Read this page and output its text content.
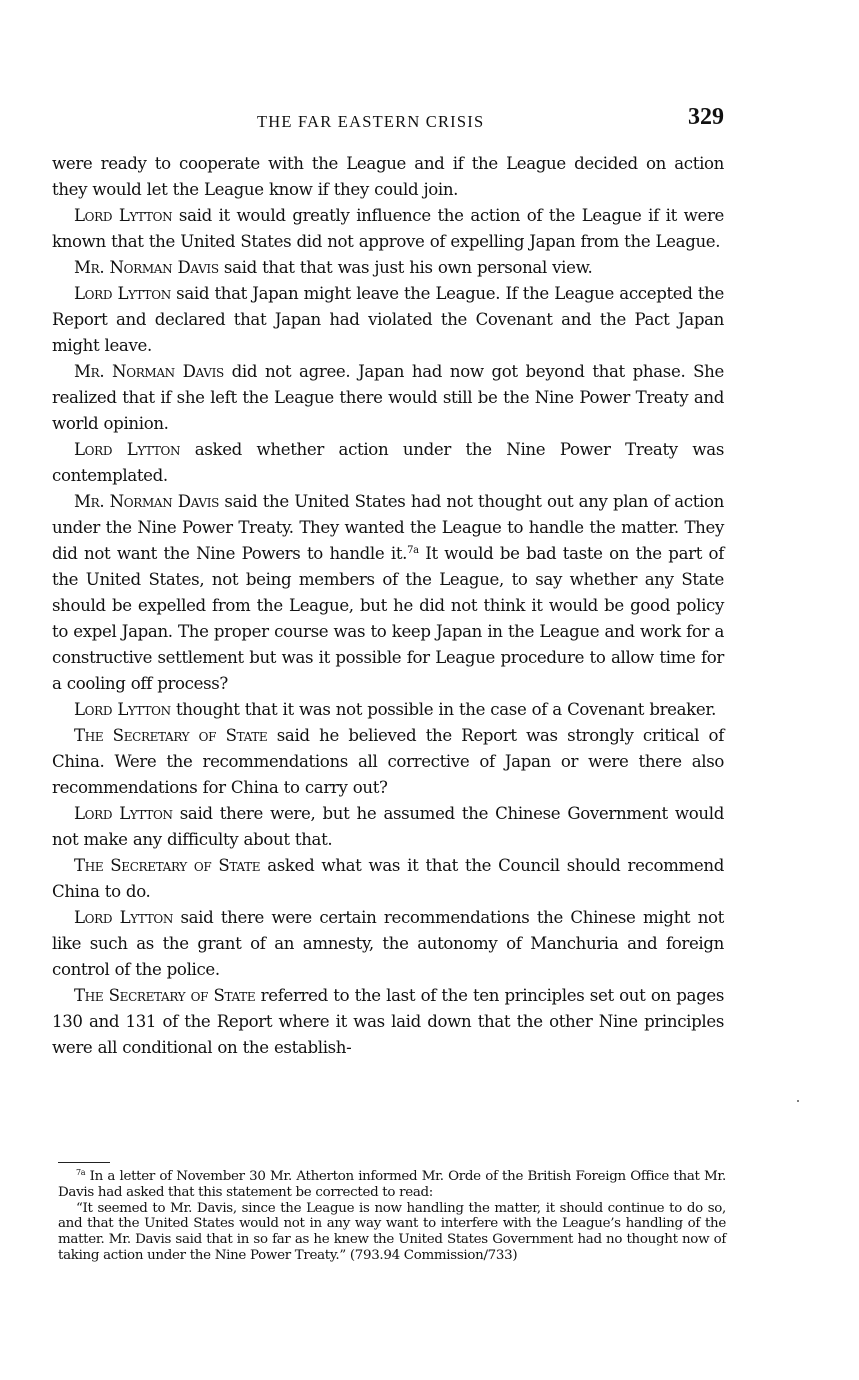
THE FAR EASTERN CRISIS	329

were ready to cooperate with the League and if the League decided on action they would let the League know if they could join.

Lord Lytton said it would greatly influence the action of the League if it were known that the United States did not approve of expelling Japan from the League.

Mr. Norman Davis said that that was just his own personal view.

Lord Lytton said that Japan might leave the League. If the League accepted the Report and declared that Japan had violated the Covenant and the Pact Japan might leave.

Mr. Norman Davis did not agree. Japan had now got beyond that phase. She realized that if she left the League there would still be the Nine Power Treaty and world opinion.

Lord Lytton asked whether action under the Nine Power Treaty was contemplated.

Mr. Norman Davis said the United States had not thought out any plan of action under the Nine Power Treaty. They wanted the League to handle the matter. They did not want the Nine Powers to handle it.$^{7a}$ It would be bad taste on the part of the United States, not being members of the League, to say whether any State should be expelled from the League, but he did not think it would be good policy to expel Japan. The proper course was to keep Japan in the League and work for a constructive settlement but was it possible for League procedure to allow time for a cooling off process?

Lord Lytton thought that it was not possible in the case of a Covenant breaker.

The Secretary of State said he believed the Report was strongly critical of China. Were the recommendations all corrective of Japan or were there also recommendations for China to carry out?

Lord Lytton said there were, but he assumed the Chinese Government would not make any difficulty about that.

The Secretary of State asked what was it that the Council should recommend China to do.

Lord Lytton said there were certain recommendations the Chinese might not like such as the grant of an amnesty, the autonomy of Manchuria and foreign control of the police.

The Secretary of State referred to the last of the ten principles set out on pages 130 and 131 of the Report where it was laid down that the other Nine principles were all conditional on the establish-

$^{7a}$ In a letter of November 30 Mr. Atherton informed Mr. Orde of the British Foreign Office that Mr. Davis had asked that this statement be corrected to read:

“It seemed to Mr. Davis, since the League is now handling the matter, it should continue to do so, and that the United States would not in any way want to interfere with the League’s handling of the matter. Mr. Davis said that in so far as he knew the United States Government had no thought now of taking action under the Nine Power Treaty.” (793.94 Commission/733)
